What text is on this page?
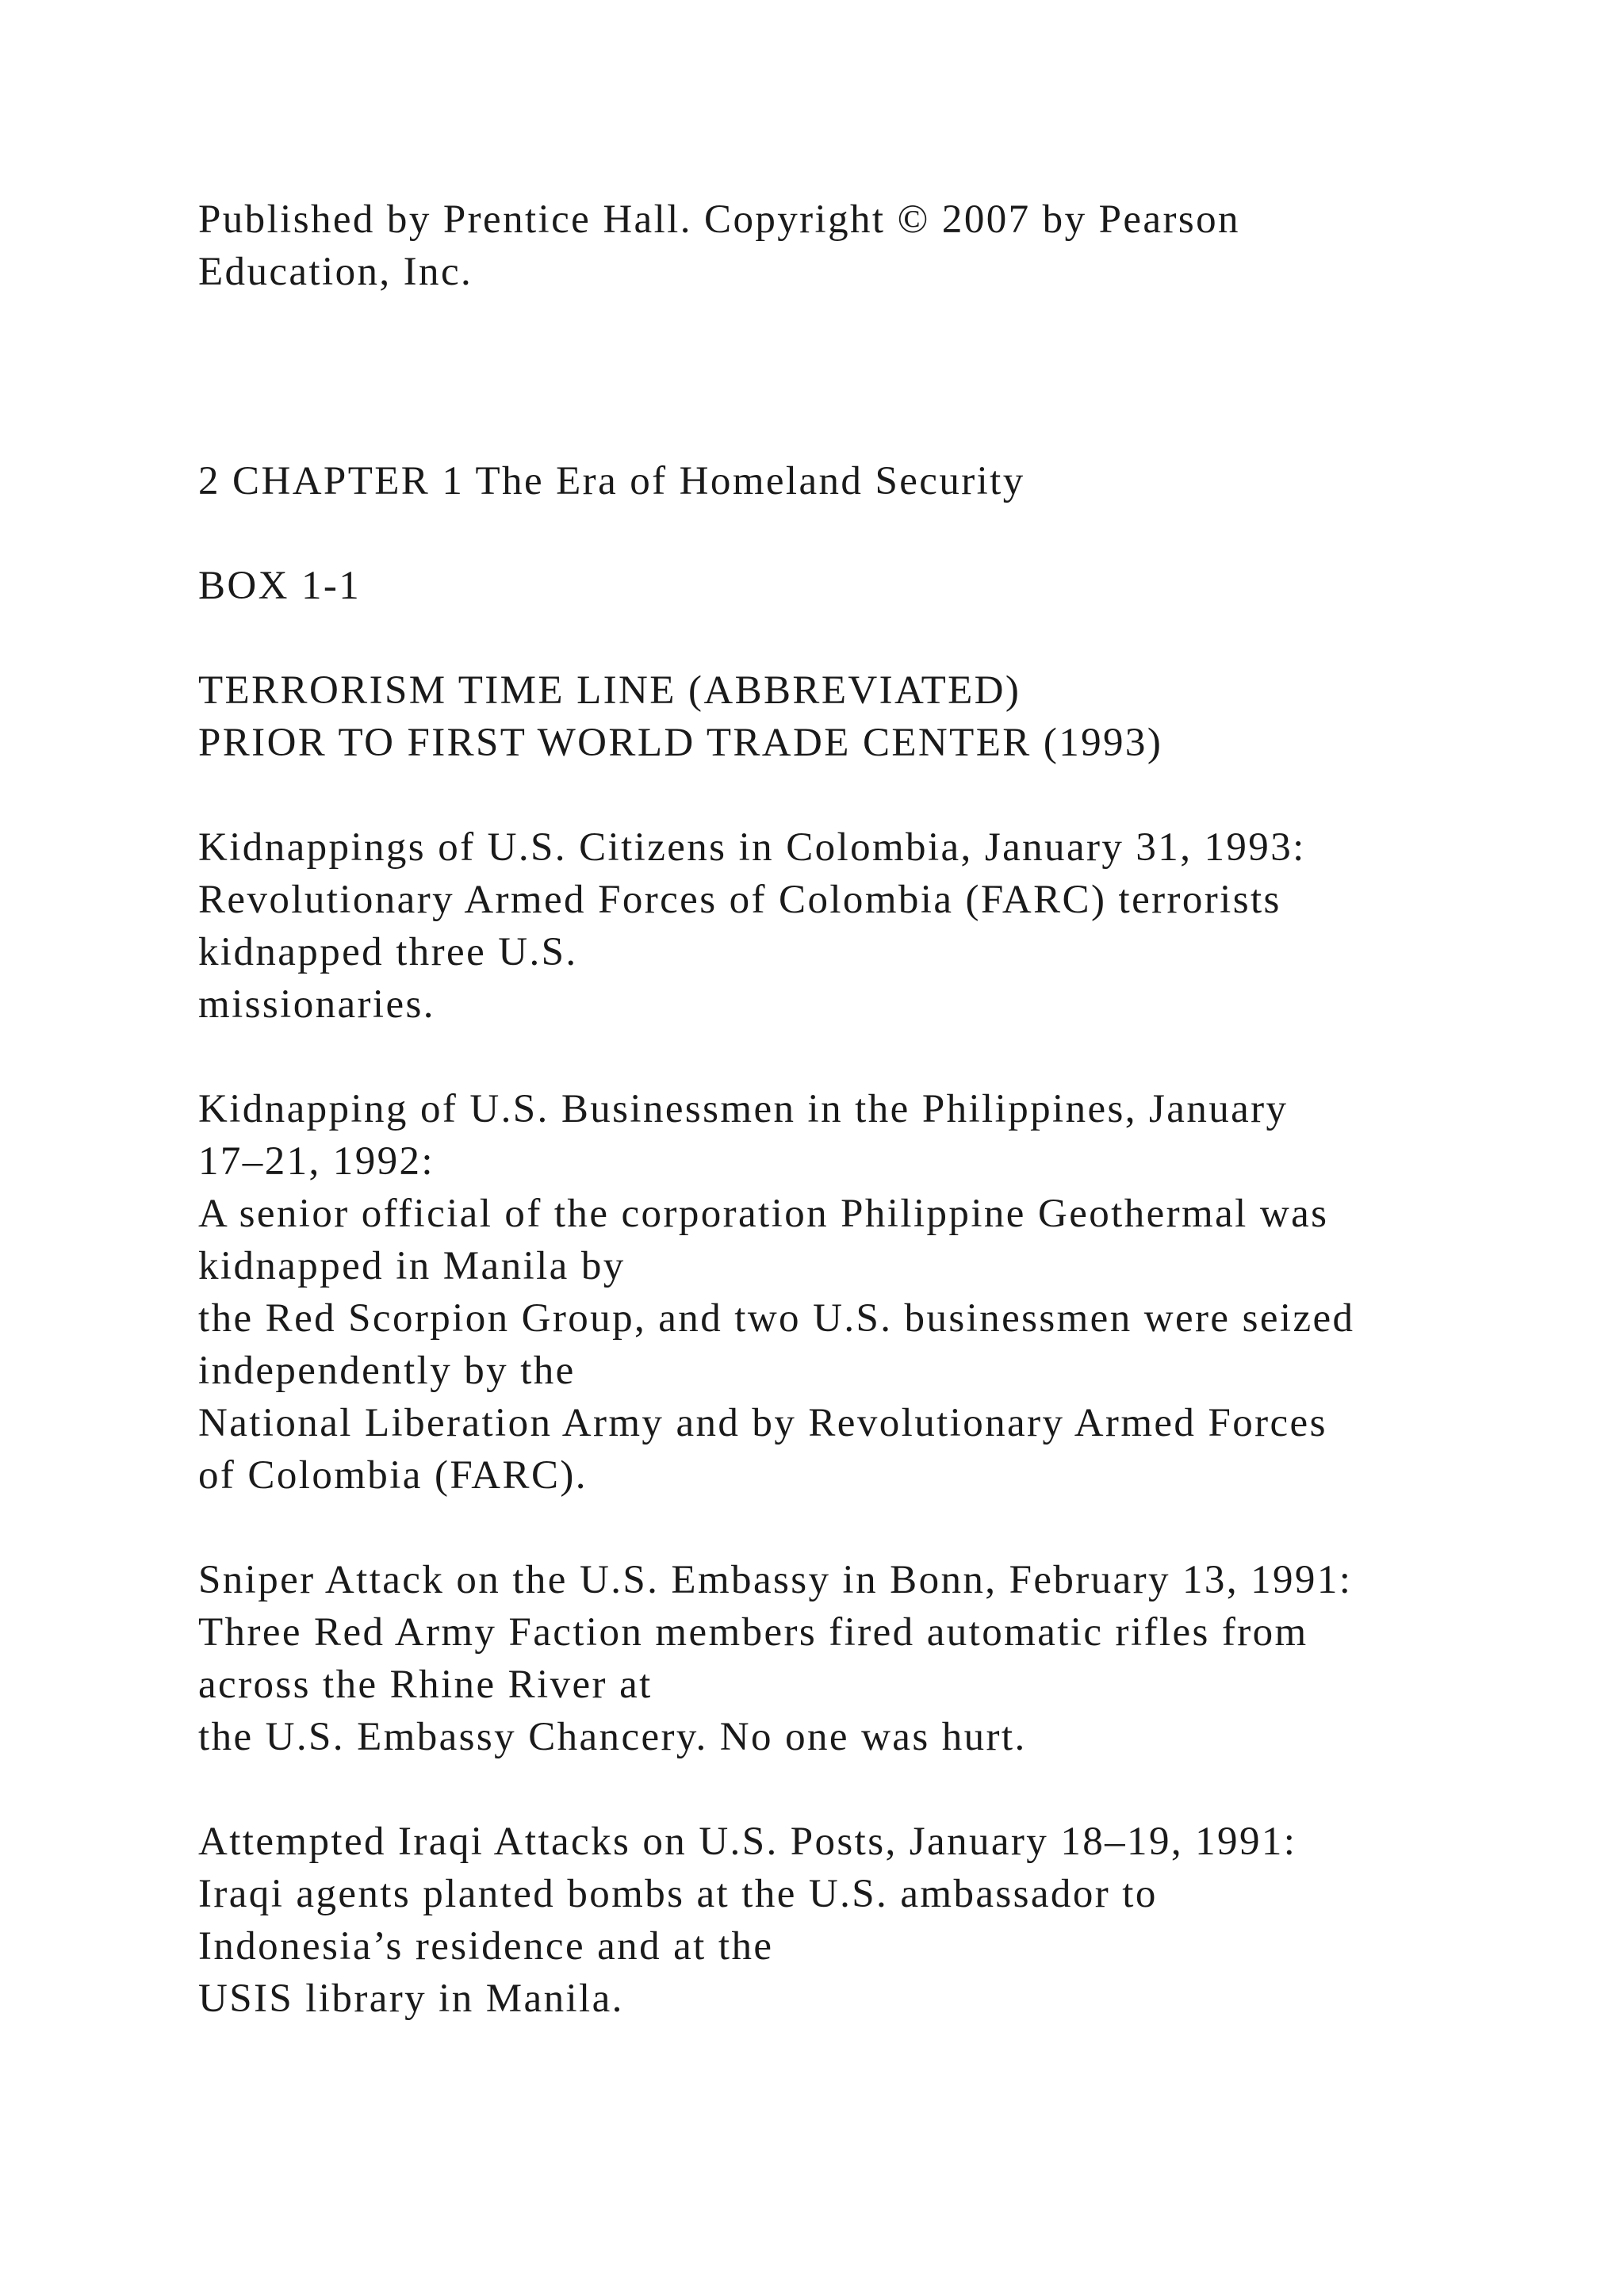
Published by Prentice Hall. Copyright © 2007 by Pearson
Education, Inc.
2 CHAPTER 1 The Era of Homeland Security
BOX 1-1
TERRORISM TIME LINE (ABBREVIATED)
PRIOR TO FIRST WORLD TRADE CENTER (1993)
Kidnappings of U.S. Citizens in Colombia, January 31, 1993:
Revolutionary Armed Forces of Colombia (FARC) terrorists
kidnapped three U.S.
missionaries.
Kidnapping of U.S. Businessmen in the Philippines, January
17–21, 1992:
A senior official of the corporation Philippine Geothermal was
kidnapped in Manila by
the Red Scorpion Group, and two U.S. businessmen were seized
independently by the
National Liberation Army and by Revolutionary Armed Forces
of Colombia (FARC).
Sniper Attack on the U.S. Embassy in Bonn, February 13, 1991:
Three Red Army Faction members fired automatic rifles from
across the Rhine River at
the U.S. Embassy Chancery. No one was hurt.
Attempted Iraqi Attacks on U.S. Posts, January 18–19, 1991:
Iraqi agents planted bombs at the U.S. ambassador to
Indonesia’s residence and at the
USIS library in Manila.
